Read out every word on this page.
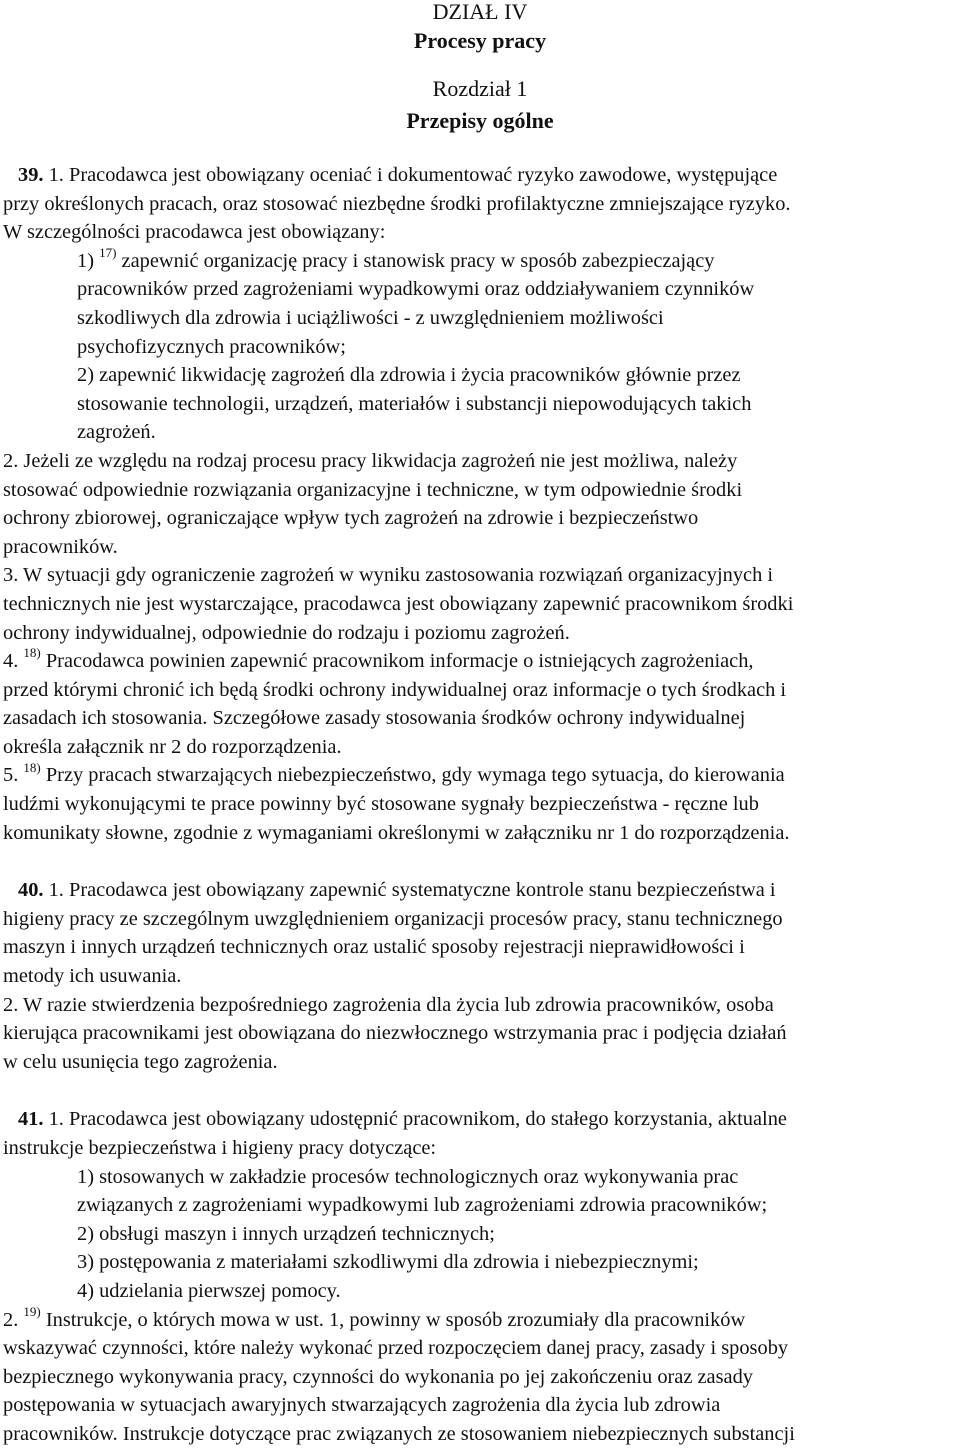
DZIAŁ IV
Procesy pracy
Rozdział 1
Przepisy ogólne
39. 1. Pracodawca jest obowiązany oceniać i dokumentować ryzyko zawodowe, występujące
przy określonych pracach, oraz stosować niezbędne środki profilaktyczne zmniejszające ryzyko.
W szczególności pracodawca jest obowiązany:
1) $^{17)}$ zapewnić organizację pracy i stanowisk pracy w sposób zabezpieczający
pracowników przed zagrożeniami wypadkowymi oraz oddziaływaniem czynników
szkodliwych dla zdrowia i uciążliwości - z uwzględnieniem możliwości
psychofizycznych pracowników;
2) zapewnić likwidację zagrożeń dla zdrowia i życia pracowników głównie przez
stosowanie technologii, urządzeń, materiałów i substancji niepowodujących takich
zagrożeń.
2. Jeżeli ze względu na rodzaj procesu pracy likwidacja zagrożeń nie jest możliwa, należy
stosować odpowiednie rozwiązania organizacyjne i techniczne, w tym odpowiednie środki
ochrony zbiorowej, ograniczające wpływ tych zagrożeń na zdrowie i bezpieczeństwo
pracowników.
3. W sytuacji gdy ograniczenie zagrożeń w wyniku zastosowania rozwiązań organizacyjnych i
technicznych nie jest wystarczające, pracodawca jest obowiązany zapewnić pracownikom środki
ochrony indywidualnej, odpowiednie do rodzaju i poziomu zagrożeń.
4. $^{18)}$ Pracodawca powinien zapewnić pracownikom informacje o istniejących zagrożeniach,
przed którymi chronić ich będą środki ochrony indywidualnej oraz informacje o tych środkach i
zasadach ich stosowania. Szczegółowe zasady stosowania środków ochrony indywidualnej
określa załącznik nr 2 do rozporządzenia.
5. $^{18)}$ Przy pracach stwarzających niebezpieczeństwo, gdy wymaga tego sytuacja, do kierowania
ludźmi wykonującymi te prace powinny być stosowane sygnały bezpieczeństwa - ręczne lub
komunikaty słowne, zgodnie z wymaganiami określonymi w załączniku nr 1 do rozporządzenia.
40. 1. Pracodawca jest obowiązany zapewnić systematyczne kontrole stanu bezpieczeństwa i
higieny pracy ze szczególnym uwzględnieniem organizacji procesów pracy, stanu technicznego
maszyn i innych urządzeń technicznych oraz ustalić sposoby rejestracji nieprawidłowości i
metody ich usuwania.
2. W razie stwierdzenia bezpośredniego zagrożenia dla życia lub zdrowia pracowników, osoba
kierująca pracownikami jest obowiązana do niezwłocznego wstrzymania prac i podjęcia działań
w celu usunięcia tego zagrożenia.
41. 1. Pracodawca jest obowiązany udostępnić pracownikom, do stałego korzystania, aktualne
instrukcje bezpieczeństwa i higieny pracy dotyczące:
1) stosowanych w zakładzie procesów technologicznych oraz wykonywania prac
związanych z zagrożeniami wypadkowymi lub zagrożeniami zdrowia pracowników;
2) obsługi maszyn i innych urządzeń technicznych;
3) postępowania z materiałami szkodliwymi dla zdrowia i niebezpiecznymi;
4) udzielania pierwszej pomocy.
2. $^{19)}$ Instrukcje, o których mowa w ust. 1, powinny w sposób zrozumiały dla pracowników
wskazywać czynności, które należy wykonać przed rozpoczęciem danej pracy, zasady i sposoby
bezpiecznego wykonywania pracy, czynności do wykonania po jej zakończeniu oraz zasady
postępowania w sytuacjach awaryjnych stwarzających zagrożenia dla życia lub zdrowia
pracowników. Instrukcje dotyczące prac związanych ze stosowaniem niebezpiecznych substancji
